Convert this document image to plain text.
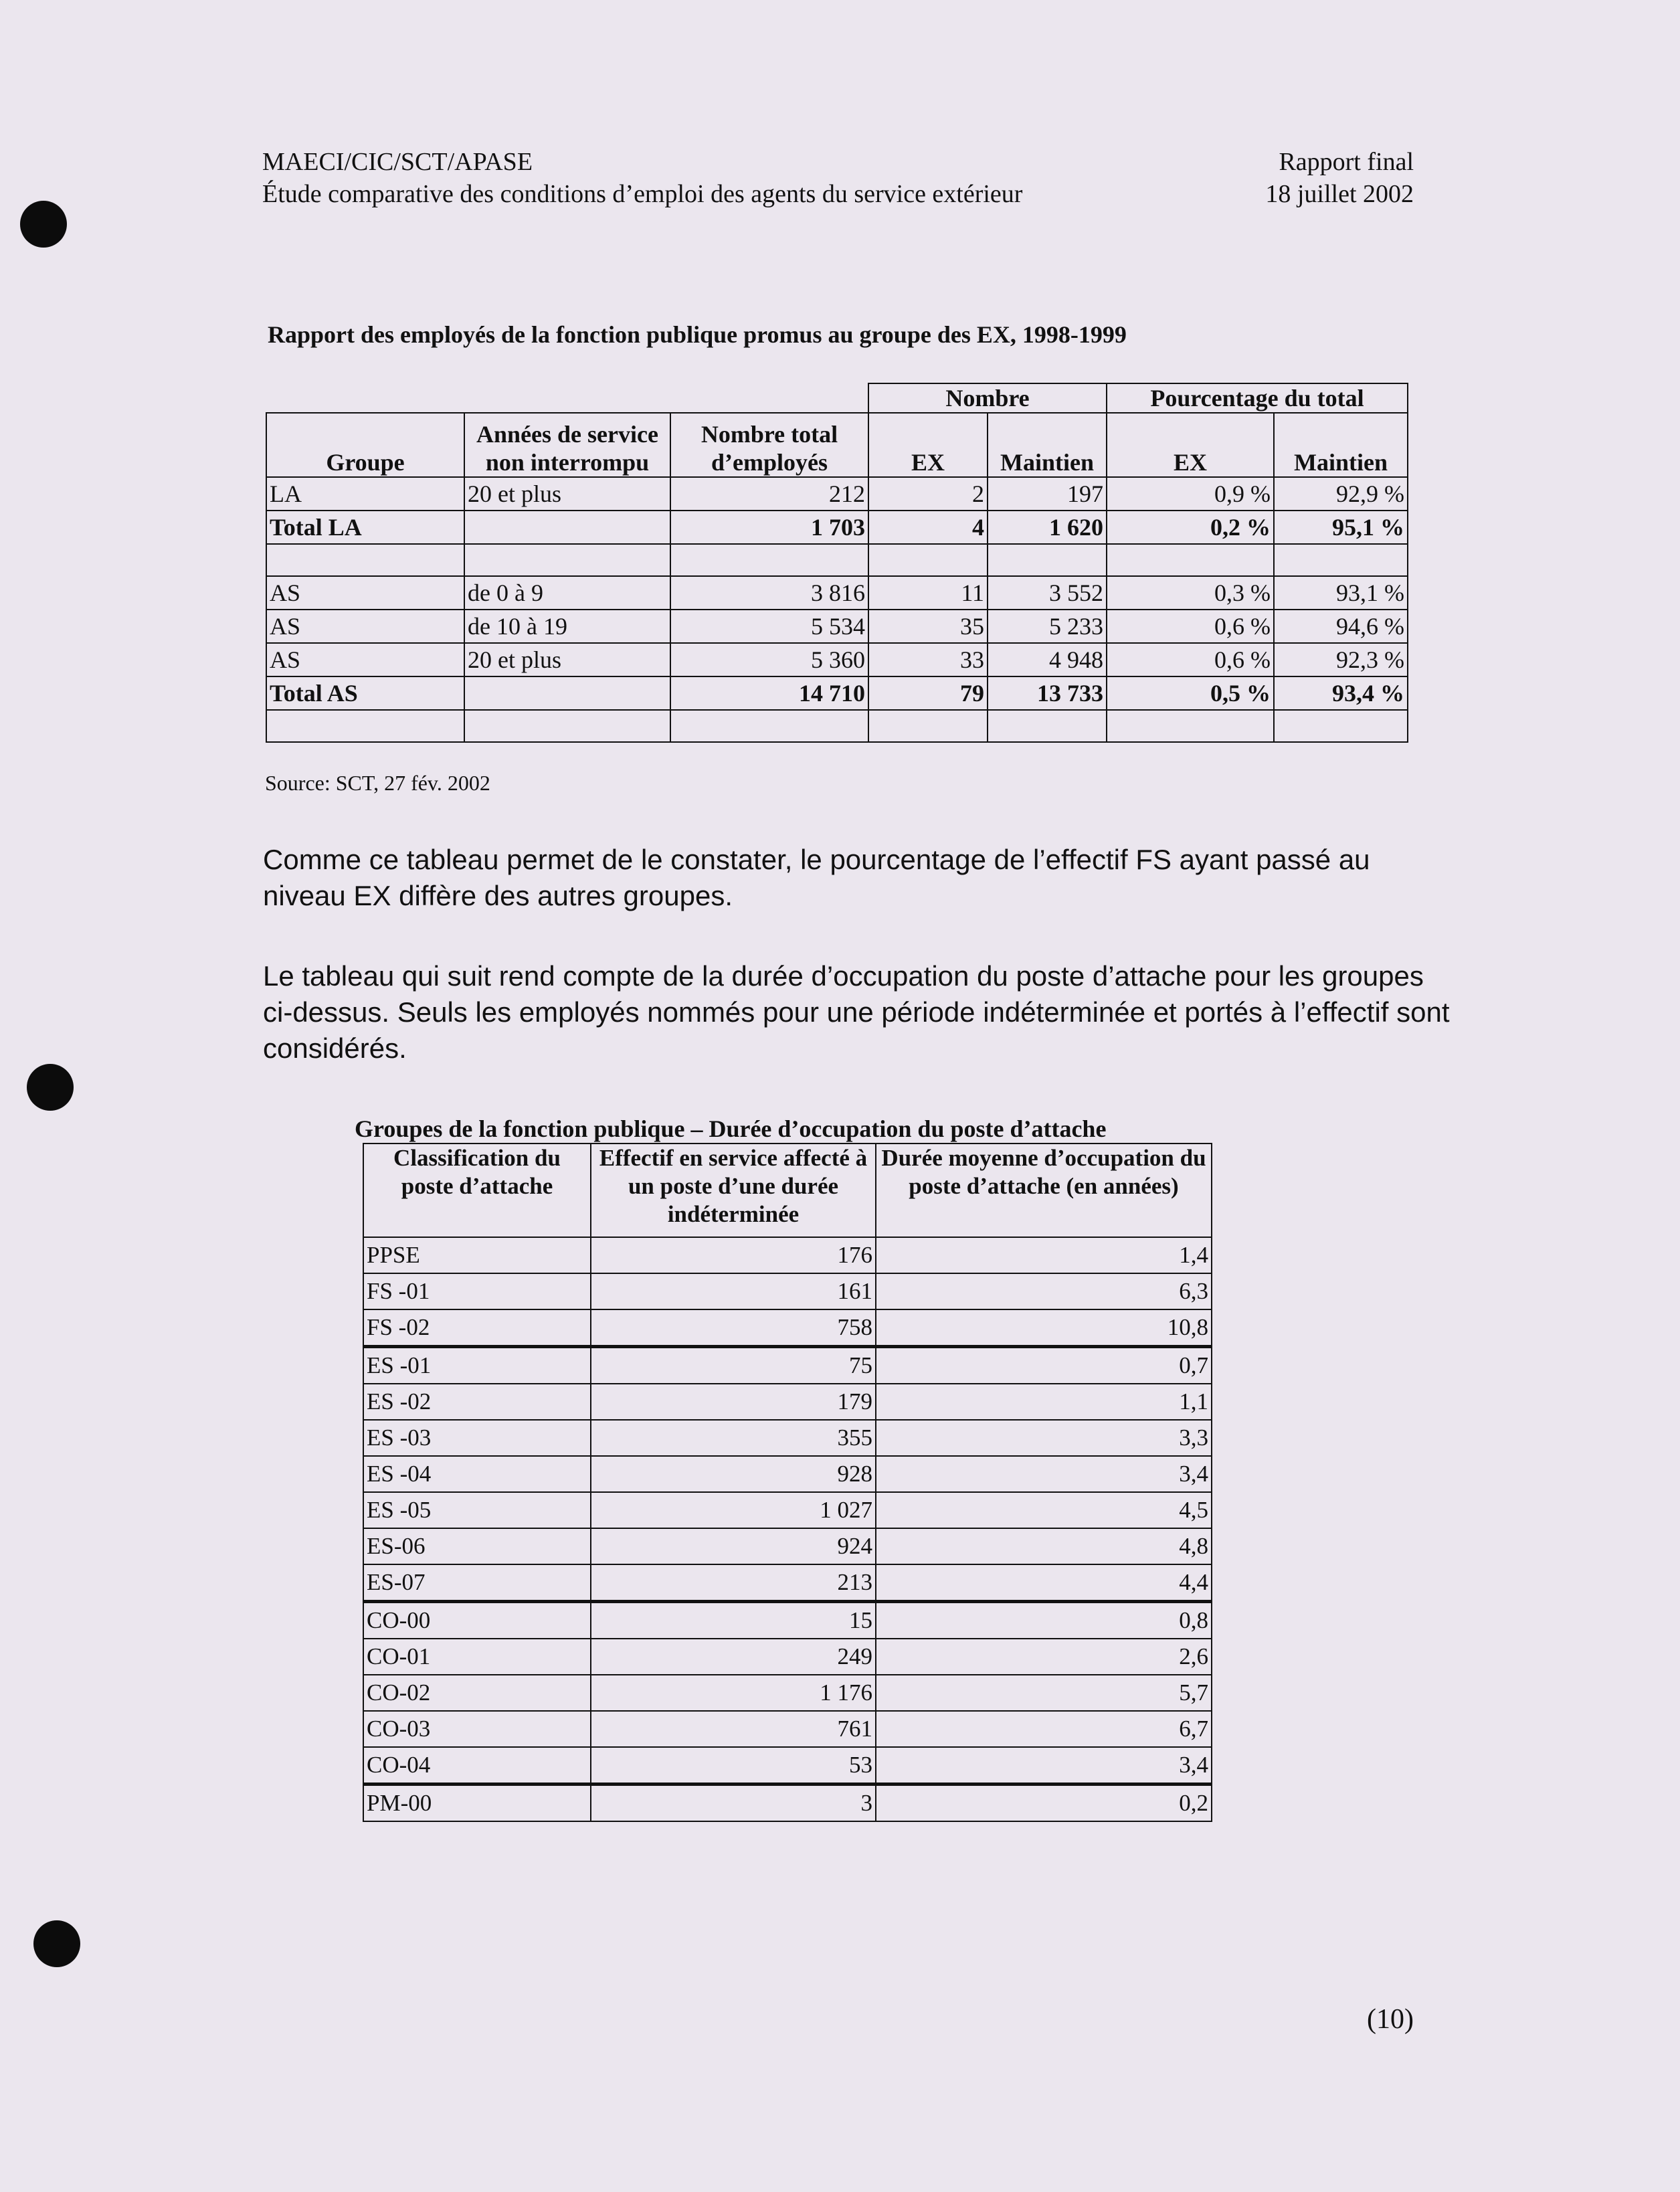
MAECI/CIC/SCT/APASE
Étude comparative des conditions d’emploi des agents du service extérieur
Rapport final
18 juillet 2002
Rapport des employés de la fonction publique promus au groupe des EX, 1998-1999
			Nombre		Pourcentage du total	
Groupe	Années de service non interrompu	Nombre total d’employés	EX	Maintien	EX	Maintien
LA	20 et plus	212	2	197	0,9 %	92,9 %
Total LA		1 703	4	1 620	0,2 %	95,1 %

AS	de 0 à 9	3 816	11	3 552	0,3 %	93,1 %
AS	de 10 à 19	5 534	35	5 233	0,6 %	94,6 %
AS	20 et plus	5 360	33	4 948	0,6 %	92,3 %
Total AS		14 710	79	13 733	0,5 %	93,4 %

Source: SCT, 27 fév. 2002
Comme ce tableau permet de le constater, le pourcentage de l’effectif FS ayant passé au niveau EX diffère des autres groupes.
Le tableau qui suit rend compte de la durée d’occupation du poste d’attache pour les groupes ci-dessus. Seuls les employés nommés pour une période indéterminée et portés à l’effectif sont considérés.
Groupes de la fonction publique – Durée d’occupation du poste d’attache
Classification du poste d’attache	Effectif en service affecté à un poste d’une durée indéterminée	Durée moyenne d’occupation du poste d’attache (en années)
PPSE	176	1,4
FS -01	161	6,3
FS -02	758	10,8
ES -01	75	0,7
ES -02	179	1,1
ES -03	355	3,3
ES -04	928	3,4
ES -05	1 027	4,5
ES-06	924	4,8
ES-07	213	4,4
CO-00	15	0,8
CO-01	249	2,6
CO-02	1 176	5,7
CO-03	761	6,7
CO-04	53	3,4
PM-00	3	0,2
(10)
